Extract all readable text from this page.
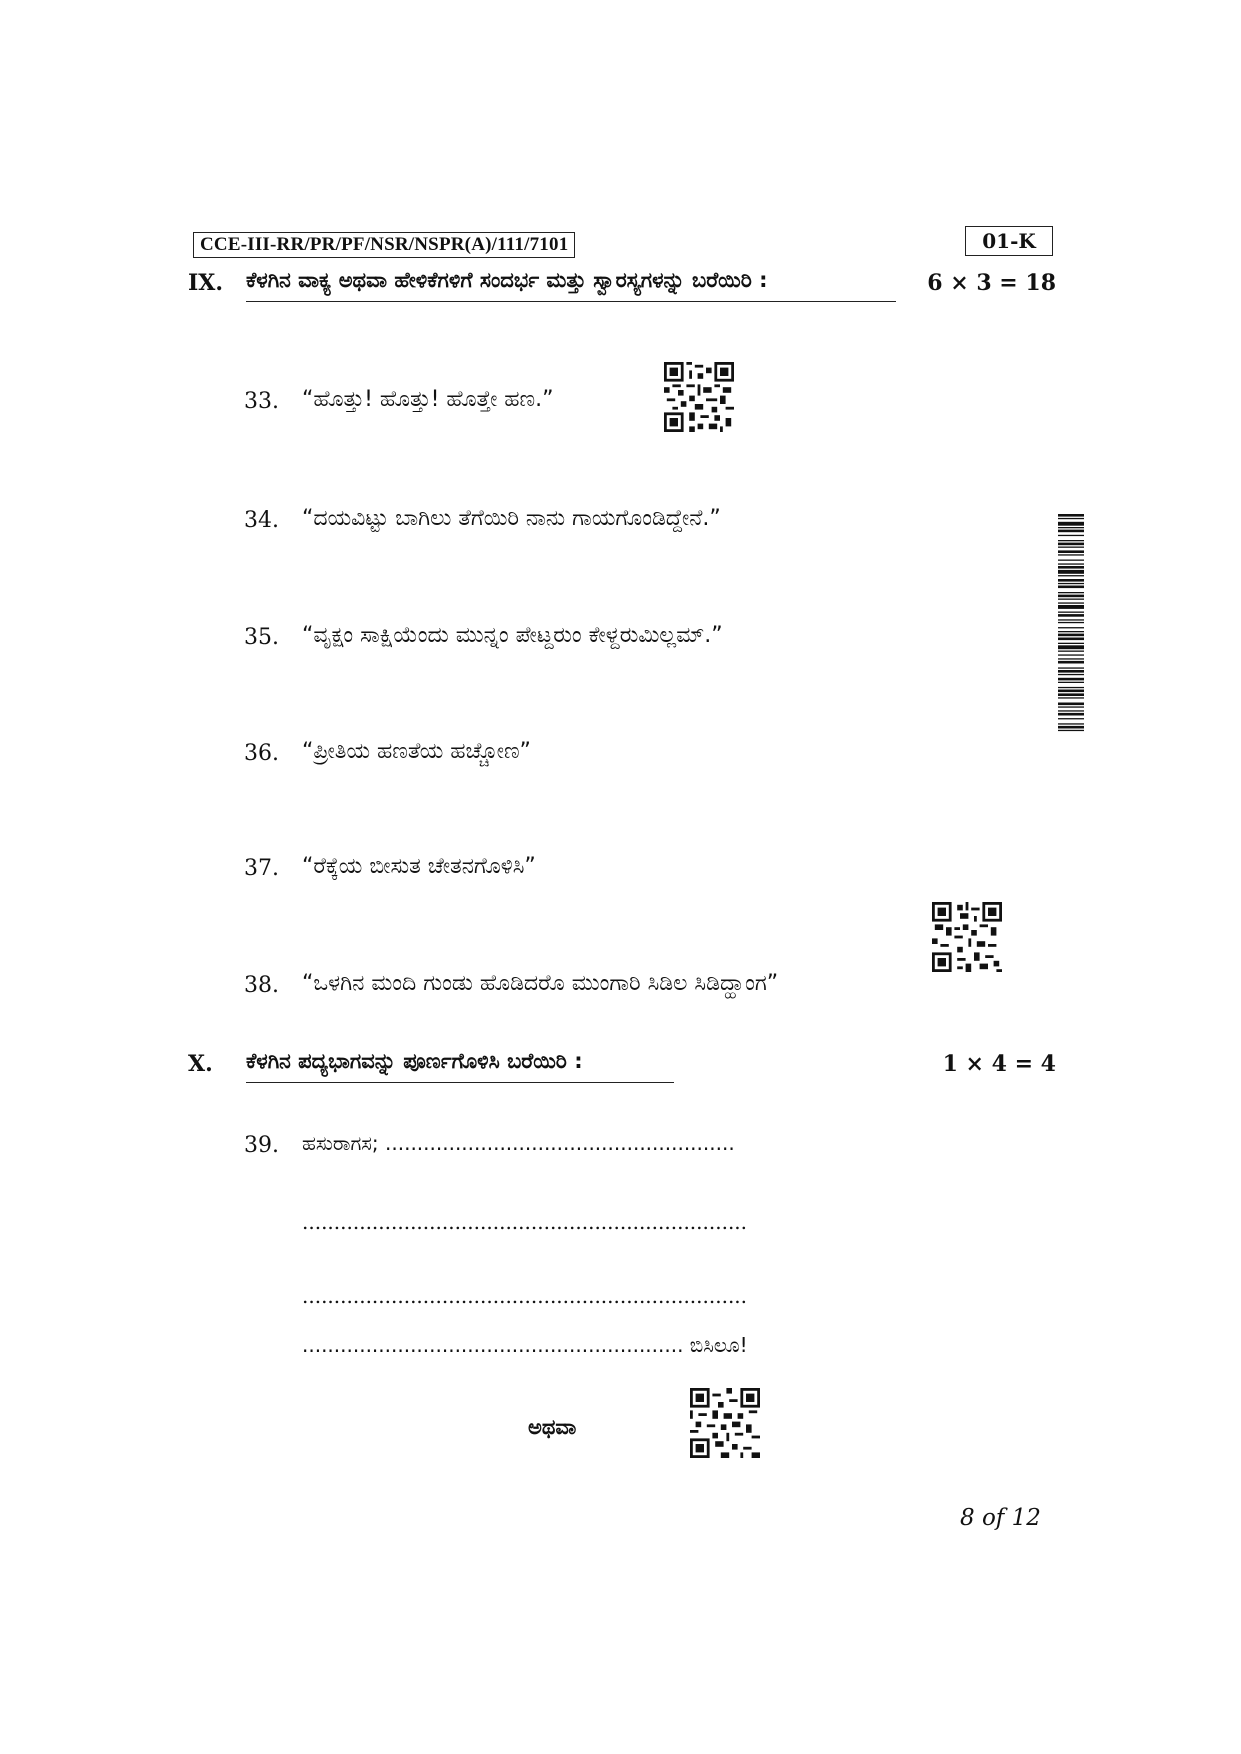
CCE-III-RR/PR/PF/NSR/NSPR(A)/111/7101	01-K
IX. ಕೆಳಗಿನ ವಾಕ್ಯ ಅಥವಾ ಹೇಳಿಕೆಗಳಿಗೆ ಸಂದರ್ಭ ಮತ್ತು ಸ್ವಾರಸ್ಯಗಳನ್ನು ಬರೆಯಿರಿ :	6 × 3 = 18
33. “ಹೊತ್ತು! ಹೊತ್ತು! ಹೊತ್ತೇ ಹಣ.”
34. “ದಯವಿಟ್ಟು ಬಾಗಿಲು ತೆಗೆಯಿರಿ ನಾನು ಗಾಯಗೊಂಡಿದ್ದೇನೆ.”
35. “ವೃಕ್ಷಂ ಸಾಕ್ಷಿಯೆಂದು ಮುನ್ನಂ ಪೇಟ್ದರುಂ ಕೇಳ್ದರುಮಿಲ್ಲಮ್.”
36. “ಪ್ರೀತಿಯ ಹಣತೆಯ ಹಚ್ಚೋಣ”
37. “ರೆಕ್ಕೆಯ ಬೀಸುತ ಚೇತನಗೊಳಿಸಿ”
38. “ಒಳಗಿನ ಮಂದಿ ಗುಂಡು ಹೊಡಿದರೊ ಮುಂಗಾರಿ ಸಿಡಿಲ ಸಿಡಿದ್ಹಾಂಗ”
X. ಕೆಳಗಿನ ಪದ್ಯಭಾಗವನ್ನು ಪೂರ್ಣಗೊಳಿಸಿ ಬರೆಯಿರಿ :	1 × 4 = 4
39. ಹಸುರಾಗಸ; .......................................................
......................................................................
......................................................................
............................................................ ಬಿಸಿಲೂ!
ಅಥವಾ
8 of 12
